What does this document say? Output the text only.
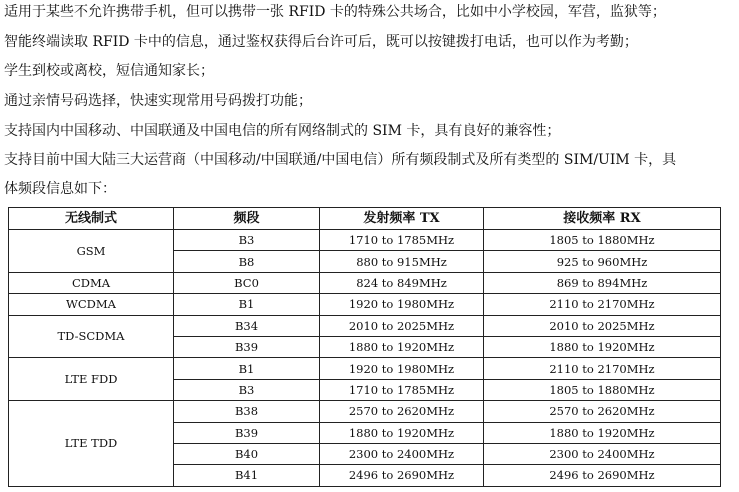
适用于某些不允许携带手机，但可以携带一张 RFID 卡的特殊公共场合，比如中小学校园，军营，监狱等；
智能终端读取 RFID 卡中的信息，通过鉴权获得后台许可后，既可以按键拨打电话，也可以作为考勤；
学生到校或离校，短信通知家长；
通过亲情号码选择，快速实现常用号码拨打功能；
支持国内中国移动、中国联通及中国电信的所有网络制式的 SIM 卡，具有良好的兼容性；
支持目前中国大陆三大运营商（中国移动/中国联通/中国电信）所有频段制式及所有类型的 SIM/UIM 卡，具
体频段信息如下：
无线制式	频段	发射频率 TX	接收频率 RX
GSM	B3	1710 to 1785MHz	1805 to 1880MHz
	B8	880 to 915MHz	925 to 960MHz
CDMA	BC0	824 to 849MHz	869 to 894MHz
WCDMA	B1	1920 to 1980MHz	2110 to 2170MHz
TD-SCDMA	B34	2010 to 2025MHz	2010 to 2025MHz
	B39	1880 to 1920MHz	1880 to 1920MHz
LTE FDD	B1	1920 to 1980MHz	2110 to 2170MHz
	B3	1710 to 1785MHz	1805 to 1880MHz
LTE TDD	B38	2570 to 2620MHz	2570 to 2620MHz
	B39	1880 to 1920MHz	1880 to 1920MHz
	B40	2300 to 2400MHz	2300 to 2400MHz
	B41	2496 to 2690MHz	2496 to 2690MHz
